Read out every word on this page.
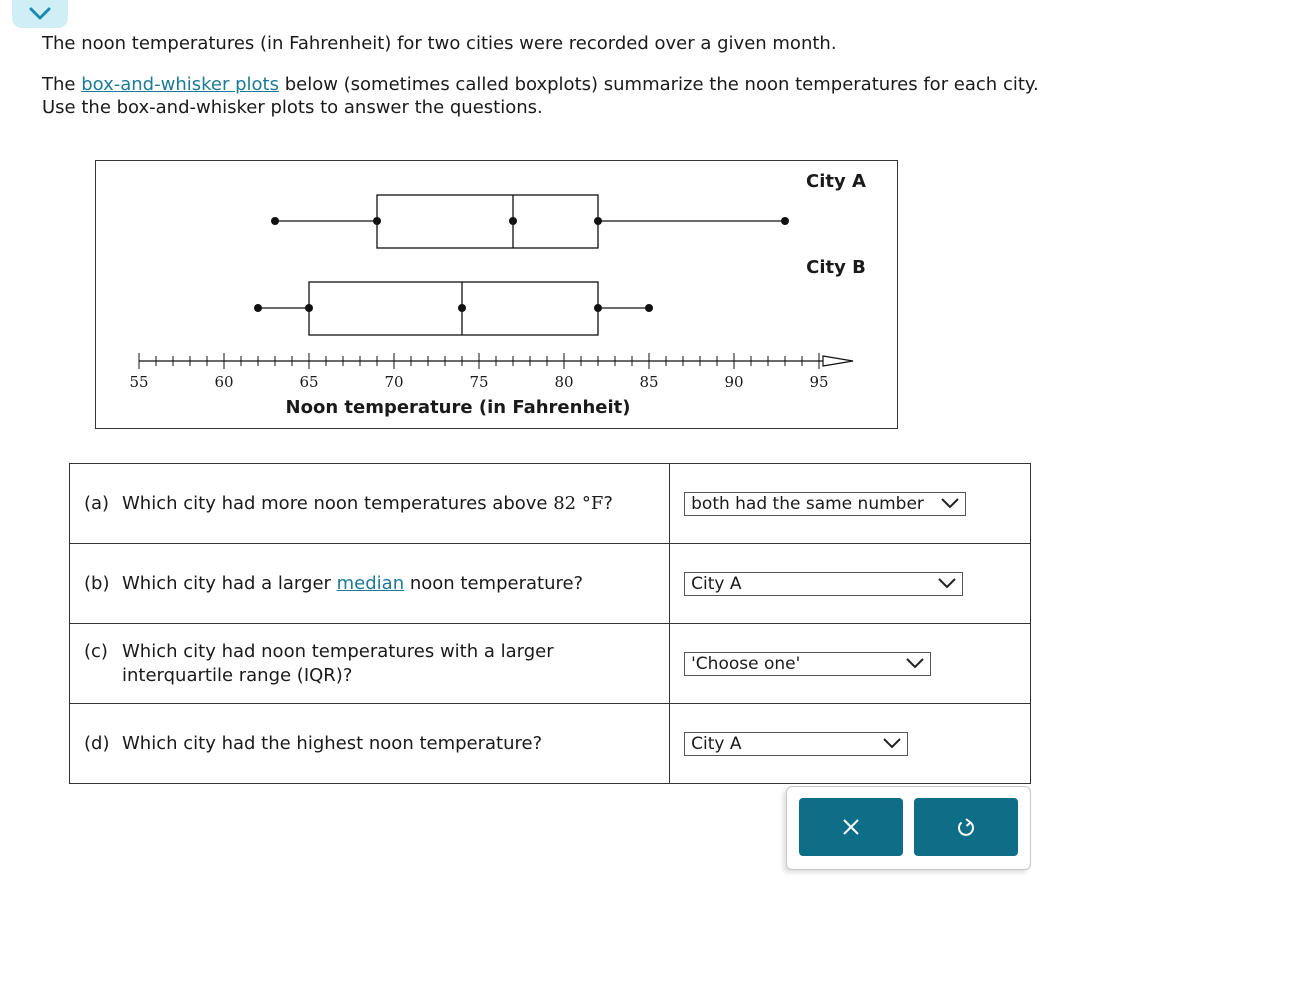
The noon temperatures (in Fahrenheit) for two cities were recorded over a given month.

The box-and-whisker plots below (sometimes called boxplots) summarize the noon temperatures for each city.
Use the box-and-whisker plots to answer the questions.

City A
City B
55	60	65	70	75	80	85	90	95
Noon temperature (in Fahrenheit)
(a) Which city had more noon temperatures above 82 °F?	both had the same number

(b) Which city had a larger median noon temperature?	City A

(c) Which city had noon temperatures with a larger
interquartile range (IQR)?	'Choose one'

(d) Which city had the highest noon temperature?	City A
